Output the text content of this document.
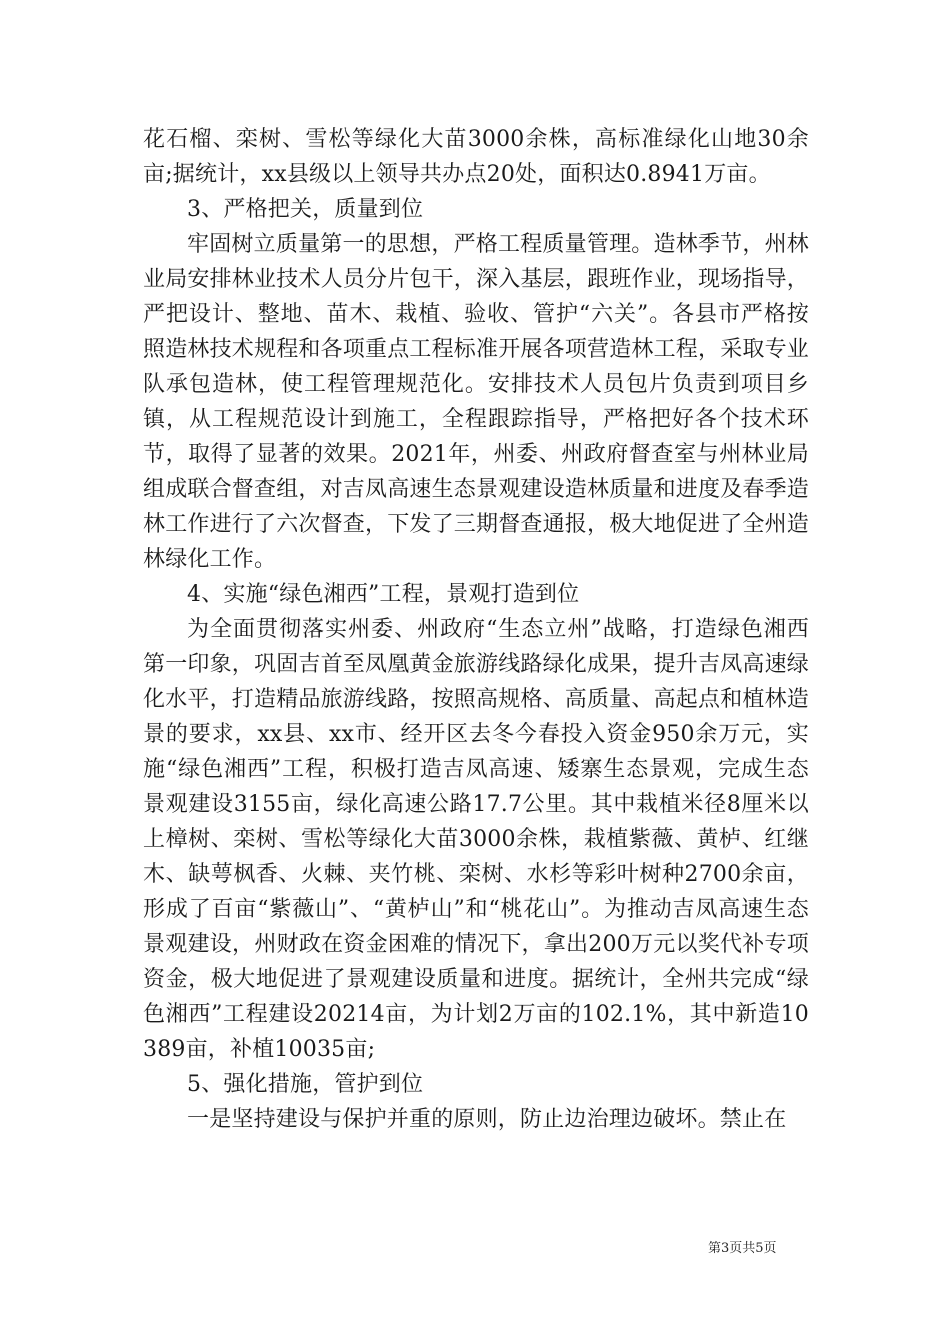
花石榴、栾树、雪松等绿化大苗3000余株，高标准绿化山地30余亩;据统计，xx县级以上领导共办点20处，面积达0.8941万亩。

3、严格把关，质量到位

牢固树立质量第一的思想，严格工程质量管理。造林季节，州林业局安排林业技术人员分片包干，深入基层，跟班作业，现场指导，严把设计、整地、苗木、栽植、验收、管护“六关”。各县市严格按照造林技术规程和各项重点工程标准开展各项营造林工程，采取专业队承包造林，使工程管理规范化。安排技术人员包片负责到项目乡镇，从工程规范设计到施工，全程跟踪指导，严格把好各个技术环节，取得了显著的效果。2021年，州委、州政府督查室与州林业局组成联合督查组，对吉凤高速生态景观建设造林质量和进度及春季造林工作进行了六次督查，下发了三期督查通报，极大地促进了全州造林绿化工作。

4、实施“绿色湘西”工程，景观打造到位

为全面贯彻落实州委、州政府“生态立州”战略，打造绿色湘西第一印象，巩固吉首至凤凰黄金旅游线路绿化成果，提升吉凤高速绿化水平，打造精品旅游线路，按照高规格、高质量、高起点和植林造景的要求，xx县、xx市、经开区去冬今春投入资金950余万元，实施“绿色湘西”工程，积极打造吉凤高速、矮寨生态景观，完成生态景观建设3155亩，绿化高速公路17.7公里。其中栽植米径8厘米以上樟树、栾树、雪松等绿化大苗3000余株，栽植紫薇、黄栌、红继木、缺萼枫香、火棘、夹竹桃、栾树、水杉等彩叶树种2700余亩，形成了百亩“紫薇山”、“黄栌山”和“桃花山”。为推动吉凤高速生态景观建设，州财政在资金困难的情况下，拿出200万元以奖代补专项资金，极大地促进了景观建设质量和进度。据统计，全州共完成“绿色湘西”工程建设20214亩，为计划2万亩的102.1%，其中新造10389亩，补植10035亩;

5、强化措施，管护到位

一是坚持建设与保护并重的原则，防止边治理边破坏。禁止在

第3页共5页
